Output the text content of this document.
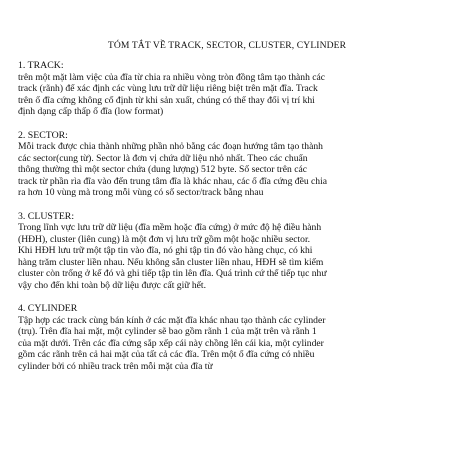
TÓM TẮT VỀ TRACK, SECTOR, CLUSTER, CYLINDER
1. TRACK:
trên một mặt làm việc của đĩa từ chia ra nhiều vòng tròn đồng tâm tạo thành các
track (rãnh) để xác định các vùng lưu trữ dữ liệu riêng biệt trên mặt đĩa. Track
trên ổ đĩa cứng không cố định từ khi sản xuất, chúng có thể thay đổi vị trí khi
định dạng cấp thấp ổ đĩa (low format)
2. SECTOR:
Mỗi track được chia thành những phần nhỏ bằng các đoạn hướng tâm tạo thành
các sector(cung từ). Sector là đơn vị chứa dữ liệu nhỏ nhất. Theo các chuẩn
thông thường thì một sector chứa (dung lượng) 512 byte. Số sector trên các
track từ phần rìa đĩa vào đến trung tâm đĩa là khác nhau, các ổ đĩa cứng đều chia
ra hơn 10 vùng mà trong mỗi vùng có số sector/track bằng nhau
3. CLUSTER:
Trong lĩnh vực lưu trữ dữ liệu (đĩa mềm hoặc đĩa cứng) ở mức độ hệ điều hành
(HĐH), cluster (liên cung) là một đơn vị lưu trữ gồm một hoặc nhiều sector.
Khi HĐH lưu trữ một tập tin vào đĩa, nó ghi tập tin đó vào hàng chục, có khi
hàng trăm cluster liền nhau. Nếu không sẵn cluster liền nhau, HĐH sẽ tìm kiếm
cluster còn trống ở kế đó và ghi tiếp tập tin lên đĩa. Quá trình cứ thế tiếp tục như
vậy cho đến khi toàn bộ dữ liệu được cất giữ hết.
4. CYLINDER
Tập hợp các track cùng bán kính ở các mặt đĩa khác nhau tạo thành các cylinder
(trụ). Trên đĩa hai mặt, một cylinder sẽ bao gồm rãnh 1 của mặt trên và rãnh 1
của mặt dưới. Trên các đĩa cứng sắp xếp cái này chồng lên cái kia, một cylinder
gồm các rãnh trên cả hai mặt của tất cả các đĩa. Trên một ổ đĩa cứng có nhiều
cylinder bởi có nhiều track trên mỗi mặt của đĩa từ
